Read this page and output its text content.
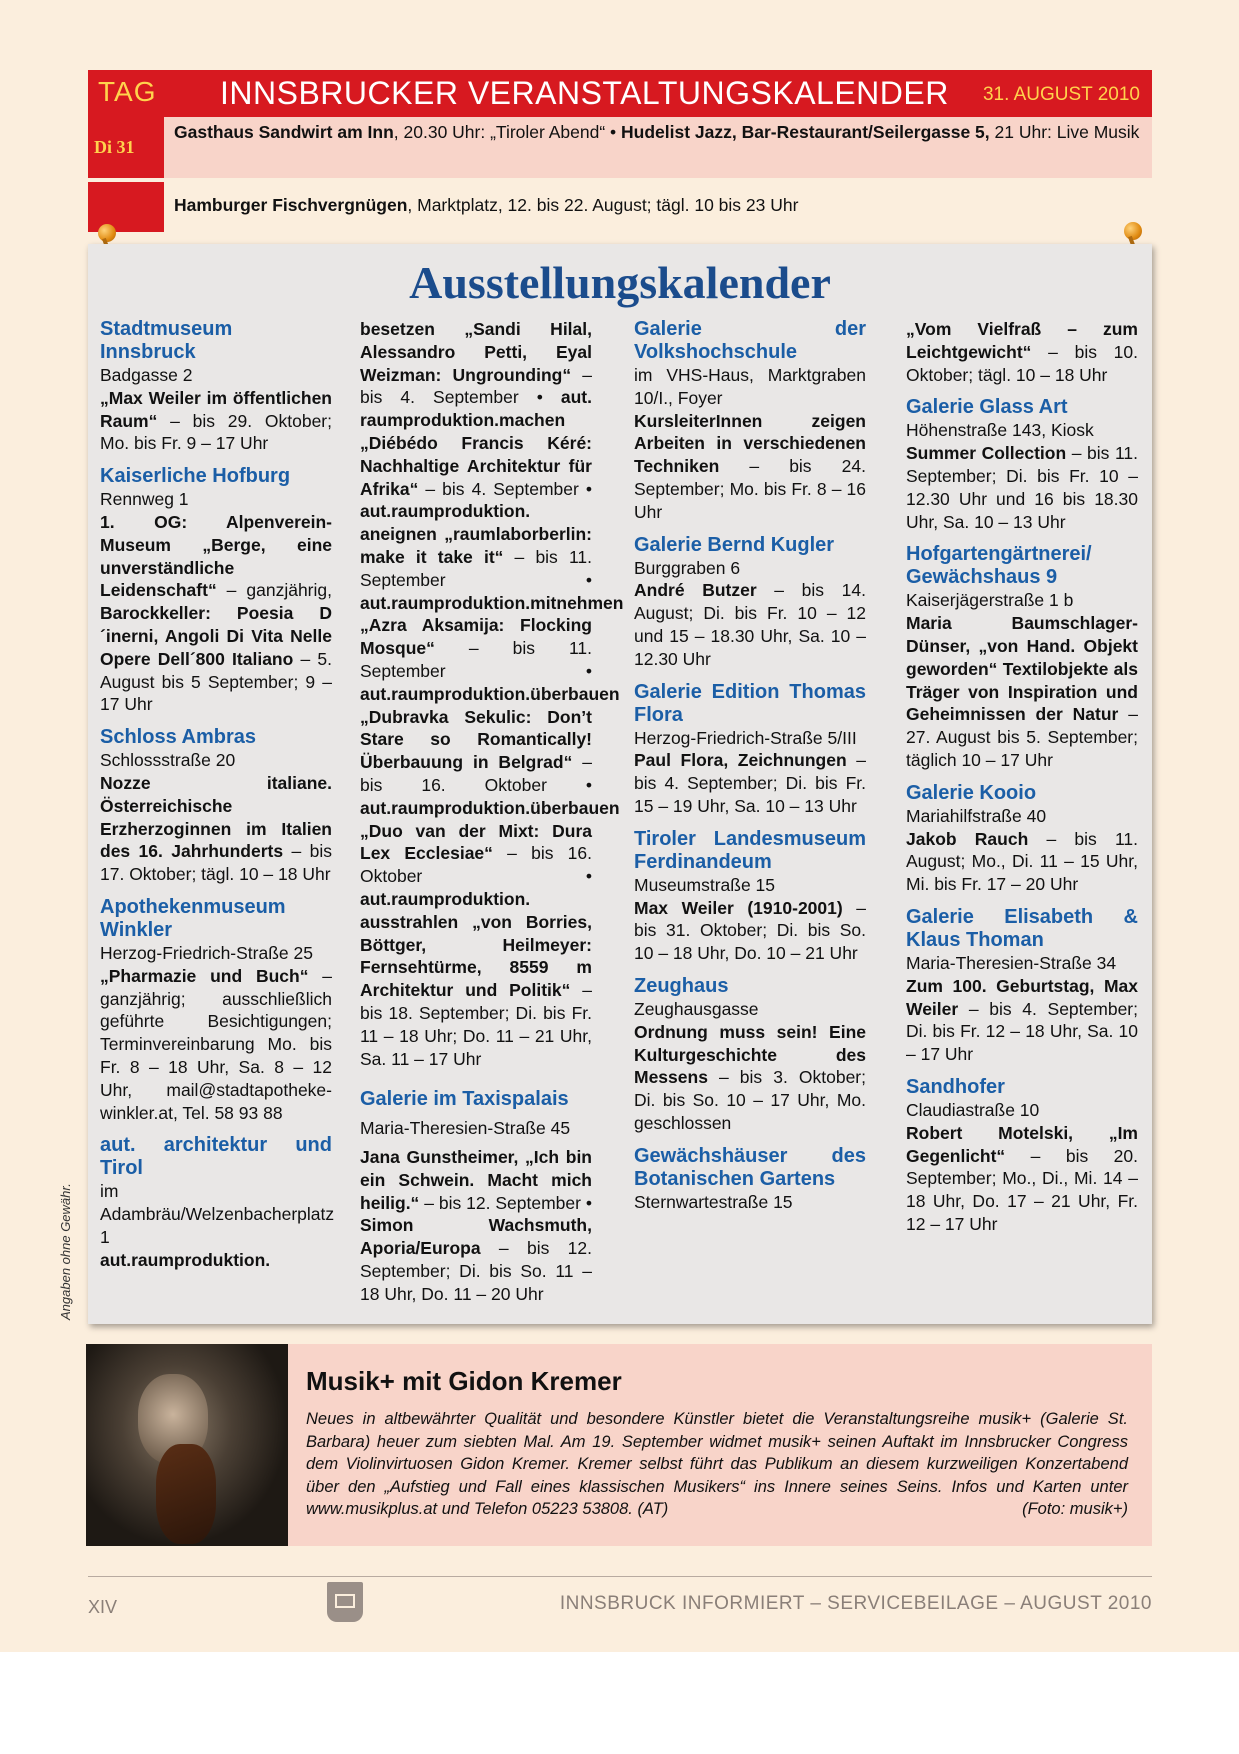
TAG INNSBRUCKER VERANSTALTUNGSKALENDER 31. AUGUST 2010
Di 31
Gasthaus Sandwirt am Inn, 20.30 Uhr: „Tiroler Abend“ • Hudelist Jazz, Bar-Restaurant/Seilergasse 5, 21 Uhr: Live Musik
Hamburger Fischvergnügen, Marktplatz, 12. bis 22. August; tägl. 10 bis 23 Uhr
Ausstellungskalender
Stadtmuseum Innsbruck
Badgasse 2
„Max Weiler im öffentlichen Raum“ – bis 29. Oktober; Mo. bis Fr. 9 – 17 Uhr
Kaiserliche Hofburg
Rennweg 1
1. OG: Alpenverein-Museum „Berge, eine unverständliche Leidenschaft“ – ganzjährig, Barockkeller: Poesia D´inerni, Angoli Di Vita Nelle Opere Dell´800 Italiano – 5. August bis 5 September; 9 – 17 Uhr
Schloss Ambras
Schlossstraße 20
Nozze italiane. Österreichische Erzherzoginnen im Italien des 16. Jahrhunderts – bis 17. Oktober; tägl. 10 – 18 Uhr
Apothekenmuseum Winkler
Herzog-Friedrich-Straße 25
„Pharmazie und Buch“ – ganzjährig; ausschließlich geführte Besichtigungen; Terminvereinbarung Mo. bis Fr. 8 – 18 Uhr, Sa. 8 – 12 Uhr, mail@stadtapotheke-winkler.at, Tel. 58 93 88
aut. architektur und Tirol
im Adambräu/Welzenbacherplatz 1
aut.raumproduktion.
besetzen „Sandi Hilal, Alessandro Petti, Eyal Weizman: Ungrounding“ – bis 4. September • aut. raumproduktion.machen „Diébédo Francis Kéré: Nachhaltige Architektur für Afrika“ – bis 4. September • aut.raumproduktion. aneignen „raumlaborberlin: make it take it“ – bis 11. September • aut.raumproduktion.mitnehmen „Azra Aksamija: Flocking Mosque“ – bis 11. September • aut.raumproduktion.überbauen „Dubravka Sekulic: Don’t Stare so Romantically! Überbauung in Belgrad“ – bis 16. Oktober • aut.raumproduktion.überbauen „Duo van der Mixt: Dura Lex Ecclesiae“ – bis 16. Oktober • aut.raumproduktion. ausstrahlen „von Borries, Böttger, Heilmeyer: Fernsehtürme, 8559 m Architektur und Politik“ – bis 18. September; Di. bis Fr. 11 – 18 Uhr; Do. 11 – 21 Uhr, Sa. 11 – 17 Uhr
Galerie im Taxispalais
Maria-Theresien-Straße 45
Jana Gunstheimer, „Ich bin ein Schwein. Macht mich heilig.“ – bis 12. September • Simon Wachsmuth, Aporia/Europa – bis 12. September; Di. bis So. 11 – 18 Uhr, Do. 11 – 20 Uhr
Galerie der Volkshochschule
im VHS-Haus, Marktgraben 10/I., Foyer
KursleiterInnen zeigen Arbeiten in verschiedenen Techniken – bis 24. September; Mo. bis Fr. 8 – 16 Uhr
Galerie Bernd Kugler
Burggraben 6
André Butzer – bis 14. August; Di. bis Fr. 10 – 12 und 15 – 18.30 Uhr, Sa. 10 – 12.30 Uhr
Galerie Edition Thomas Flora
Herzog-Friedrich-Straße 5/III
Paul Flora, Zeichnungen – bis 4. September; Di. bis Fr. 15 – 19 Uhr, Sa. 10 – 13 Uhr
Tiroler Landesmuseum Ferdinandeum
Museumstraße 15
Max Weiler (1910-2001) – bis 31. Oktober; Di. bis So. 10 – 18 Uhr, Do. 10 – 21 Uhr
Zeughaus
Zeughausgasse
Ordnung muss sein! Eine Kulturgeschichte des Messens – bis 3. Oktober; Di. bis So. 10 – 17 Uhr, Mo. geschlossen
Gewächshäuser des Botanischen Gartens
Sternwartestraße 15
„Vom Vielfraß – zum Leichtgewicht“ – bis 10. Oktober; tägl. 10 – 18 Uhr
Galerie Glass Art
Höhenstraße 143, Kiosk
Summer Collection – bis 11. September; Di. bis Fr. 10 – 12.30 Uhr und 16 bis 18.30 Uhr, Sa. 10 – 13 Uhr
Hofgartengärtnerei/ Gewächshaus 9
Kaiserjägerstraße 1 b
Maria Baumschlager-Dünser, „von Hand. Objekt geworden“ Textilobjekte als Träger von Inspiration und Geheimnissen der Natur – 27. August bis 5. September; täglich 10 – 17 Uhr
Galerie Kooio
Mariahilfstraße 40
Jakob Rauch – bis 11. August; Mo., Di. 11 – 15 Uhr, Mi. bis Fr. 17 – 20 Uhr
Galerie Elisabeth & Klaus Thoman
Maria-Theresien-Straße 34
Zum 100. Geburtstag, Max Weiler – bis 4. September; Di. bis Fr. 12 – 18 Uhr, Sa. 10 – 17 Uhr
Sandhofer
Claudiastraße 10
Robert Motelski, „Im Gegenlicht“ – bis 20. September; Mo., Di., Mi. 14 – 18 Uhr, Do. 17 – 21 Uhr, Fr. 12 – 17 Uhr
Angaben ohne Gewähr.
Musik+ mit Gidon Kremer
Neues in altbewährter Qualität und besondere Künstler bietet die Veranstaltungsreihe musik+ (Galerie St. Barbara) heuer zum siebten Mal. Am 19. September widmet musik+ seinen Auftakt im Innsbrucker Congress dem Violinvirtuosen Gidon Kremer. Kremer selbst führt das Publikum an diesem kurzweiligen Konzertabend über den „Aufstieg und Fall eines klassischen Musikers“ ins Innere seines Seins. Infos und Karten unter www.musikplus.at und Telefon 05223 53808. (AT)	(Foto: musik+)
XIV	INNSBRUCK INFORMIERT – SERVICEBEILAGE – AUGUST 2010
